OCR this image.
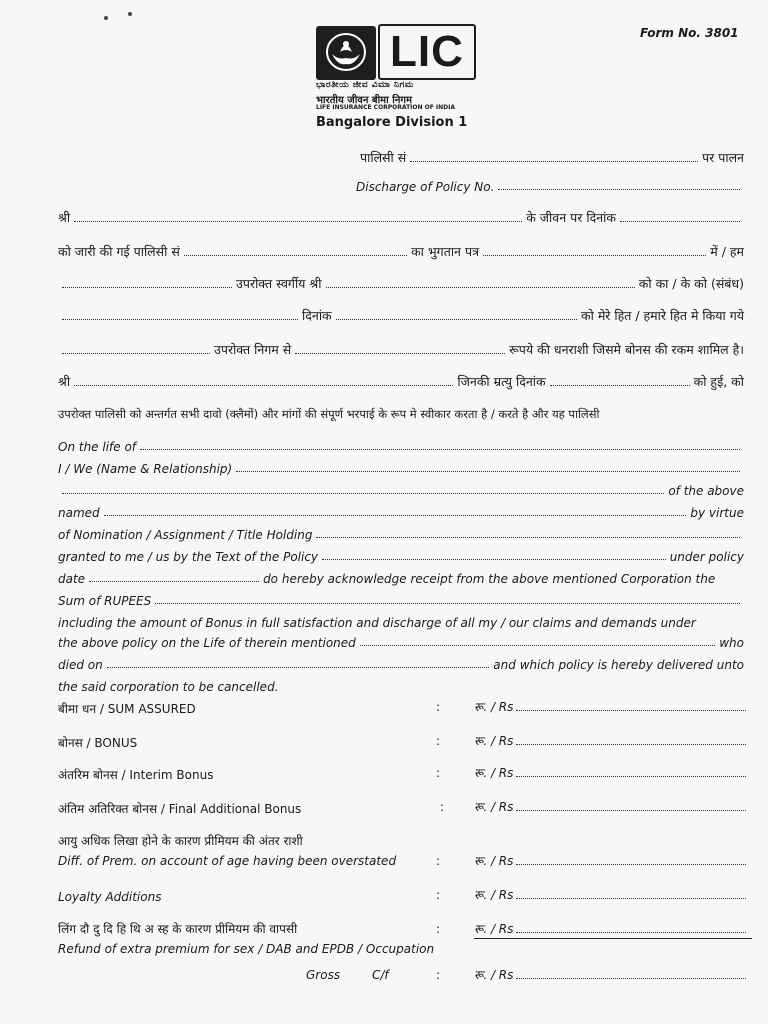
Form No. 3801
LIC
ಭಾರತೀಯ ಜೀವ ವಿಮಾ ನಿಗಮ
भारतीय जीवन बीमा निगम
LIFE INSURANCE CORPORATION OF INDIA
Bangalore Division 1
पालिसी सं	पर पालन
Discharge of Policy No.
श्री	के जीवन पर दिनांक
को जारी की गई पालिसी सं	का भुगतान पत्र	में / हम
उपरोक्त स्वर्गीय श्री	को का / के को (संबंध)
दिनांक	को मेरे हित / हमारे हित मे किया गये
उपरोक्त निगम से	रूपये की धनराशी जिसमे बोनस की रकम शामिल है।
श्री	जिनकी म्रत्यु दिनांक	को हुई, को
उपरोक्त पालिसी को अन्तर्गत सभी दावो (क्लैमों) और मांगों की संपूर्ण भरपाई के रूप मे स्वीकार करता है / करते है और यह पालिसी
On the life of
I / We (Name & Relationship)
of the above
named	by virtue
of Nomination / Assignment / Title Holding
granted to me / us by the Text of the Policy	under policy
date	do hereby acknowledge receipt from the above mentioned Corporation the
Sum of RUPEES
including the amount of Bonus in full satisfaction and discharge of all my / our claims and demands under
the above policy on the Life of therein mentioned	who
died on	and which policy is hereby delivered unto
the said corporation to be cancelled.
बीमा धन / SUM ASSURED	:	रू. / Rs
बोनस / BONUS	:	रू. / Rs
अंतरिम बोनस / Interim Bonus	:	रू. / Rs
अंतिम अतिरिक्त बोनस / Final Additional Bonus	: रू. / Rs
आयु अधिक लिखा होने के कारण प्रीमियम की अंतर राशी
Diff. of Prem. on account of age having been overstated	:	रू. / Rs
Loyalty Additions	:	रू. / Rs
लिंग दौ दु दि हि थि अ स्ह के कारण प्रीमियम की वापसी	:	रू. / Rs
Refund of extra premium for sex / DAB and EPDB / Occupation
Gross	C/f	:	रू. / Rs
